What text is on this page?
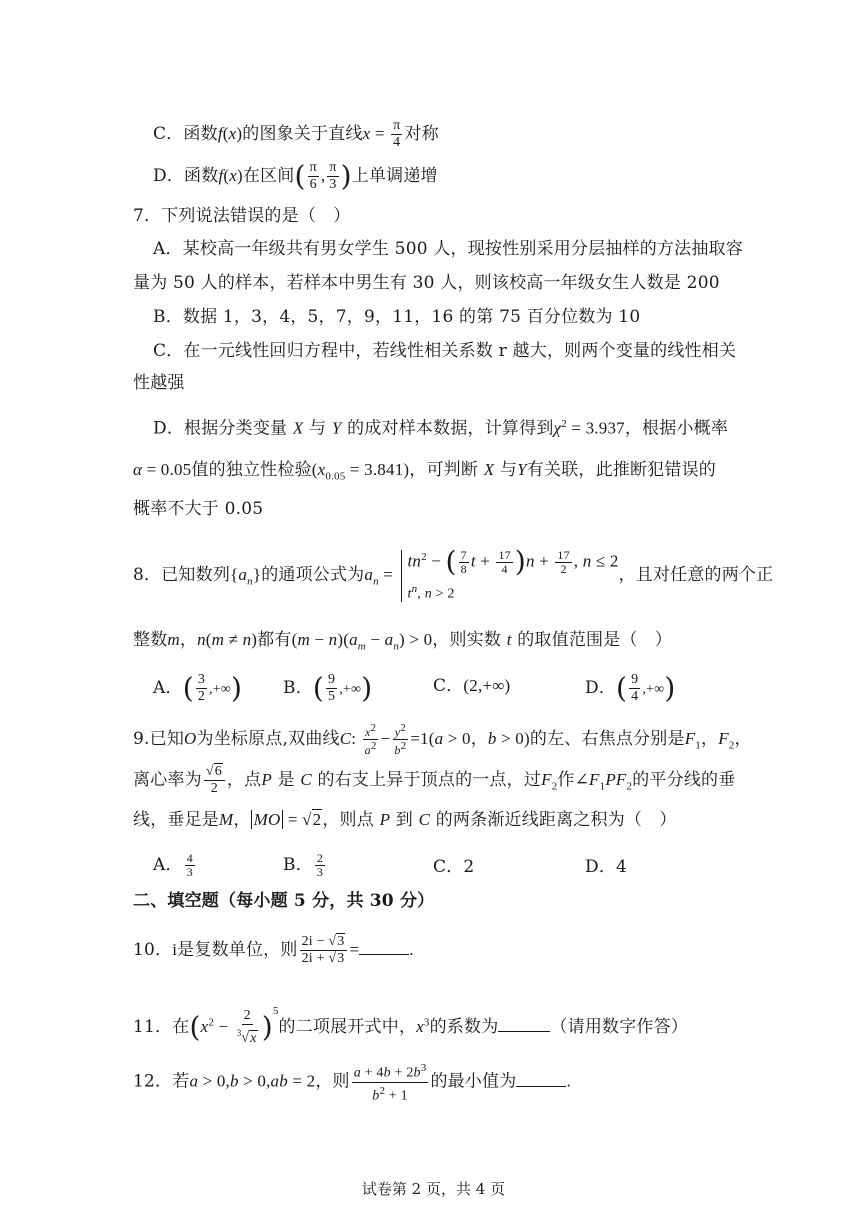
C．函数f(x)的图象关于直线$x = \frac{\pi}{4}$ 对称
D．函数f(x)在区间( $\frac{\pi}{6}$ , $\frac{\pi}{3}$ )上单调递增
7．下列说法错误的是（　）
A．某校高一年级共有男女学生 500 人，现按性别采用分层抽样的方法抽取容
量为 50 人的样本，若样本中男生有 30 人，则该校高一年级女生人数是 200
B．数据 1，3，4，5，7，9，11，16 的第 75 百分位数为 10
C．在一元线性回归方程中，若线性相关系数 r 越大，则两个变量的线性相关
性越强
D．根据分类变量 X 与 Y 的成对样本数据，计算得到$\chi^2 = 3.937$，根据小概率
α = 0.05值的独立性检验$(x_{0.05} = 3.841)$，可判断 X 与Y有关联，此推断犯错误的
概率不大于 0.05
8．已知数列$\{a_n\}$的通项公式为$a_n$ =
$tn^2$ − ( $\frac{7}{8}$ $t + \frac{17}{4} )n + \frac{17}{2}$ , n ≤ 2
$t^n$, n > 2
，且对任意的两个正
整数m，n(m ≠ n)都有$(m - n)(a_m - a_n) > 0$，则实数 t 的取值范围是（　）
A．( $\frac{3}{2}$ ,+∞) B．( $\frac{9}{5}$ ,+∞)	C．(2,+∞)	D．( $\frac{9}{4}$ ,+∞)
9.已知O为坐标原点,双曲线C: $\frac{x2}{a2} - \frac{y2}{b2} =1(a > 0$，b > 0)的左、右焦点分别是$F_1$，$F_2$，
离心率为 $\frac{√6}{2}$ ，点P 是 C 的右支上异于顶点的一点，过$F_2$作$\angle F_1PF_2$的平分线的垂
线，垂足是M， MO = √2，则点 P 到 C 的两条渐近线距离之积为（　）
A． $\frac{4}{3}$	B． $\frac{2}{3}$	C．2	D．4
二、填空题（每小题 5 分，共 30 分）
10．i是复数单位，则 $\frac{2i - √3}{2i + √3}$ =	.
11．在$(x^2 - \frac{2}{^3√x} )^5$的二项展开式中，$x^3$的系数为	（请用数字作答）
12．若a > 0,b > 0,ab = 2，则 $\frac{a + 4b + 2b^3}{b^2 + 1}$ 的最小值为	.
试卷第 2 页，共 4 页
